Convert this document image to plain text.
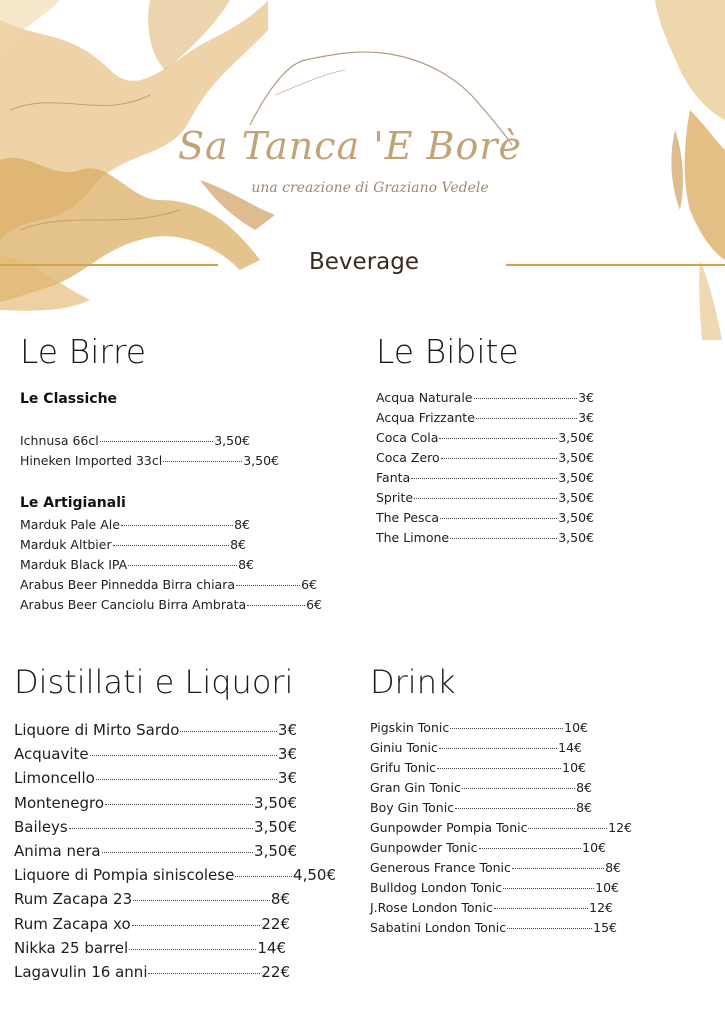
Sa Tanca 'E Borè
una creazione di Graziano Vedele
Beverage
Le Birre
Le Classiche
Ichnusa 66cl	3,50€
Hineken Imported 33cl	3,50€
Le Artigianali
Marduk Pale Ale	8€
Marduk Altbier	8€
Marduk Black IPA	8€
Arabus Beer Pinnedda Birra chiara	6€
Arabus Beer Canciolu Birra Ambrata	6€
Le Bibite
Acqua Naturale	3€
Acqua Frizzante	3€
Coca Cola	3,50€
Coca Zero	3,50€
Fanta	3,50€
Sprite	3,50€
The Pesca	3,50€
The Limone	3,50€
Distillati e Liquori
Liquore di Mirto Sardo	3€
Acquavite	3€
Limoncello	3€
Montenegro	3,50€
Baileys	3,50€
Anima nera	3,50€
Liquore di Pompia siniscolese	4,50€
Rum Zacapa 23	8€
Rum Zacapa xo	22€
Nikka 25 barrel	14€
Lagavulin 16 anni	22€
Drink
Pigskin Tonic	10€
Giniu Tonic	14€
Grifu Tonic	10€
Gran Gin Tonic	8€
Boy Gin Tonic	8€
Gunpowder Pompia Tonic	12€
Gunpowder Tonic	10€
Generous France Tonic	8€
Bulldog London Tonic	10€
J.Rose London Tonic	12€
Sabatini London Tonic	15€
